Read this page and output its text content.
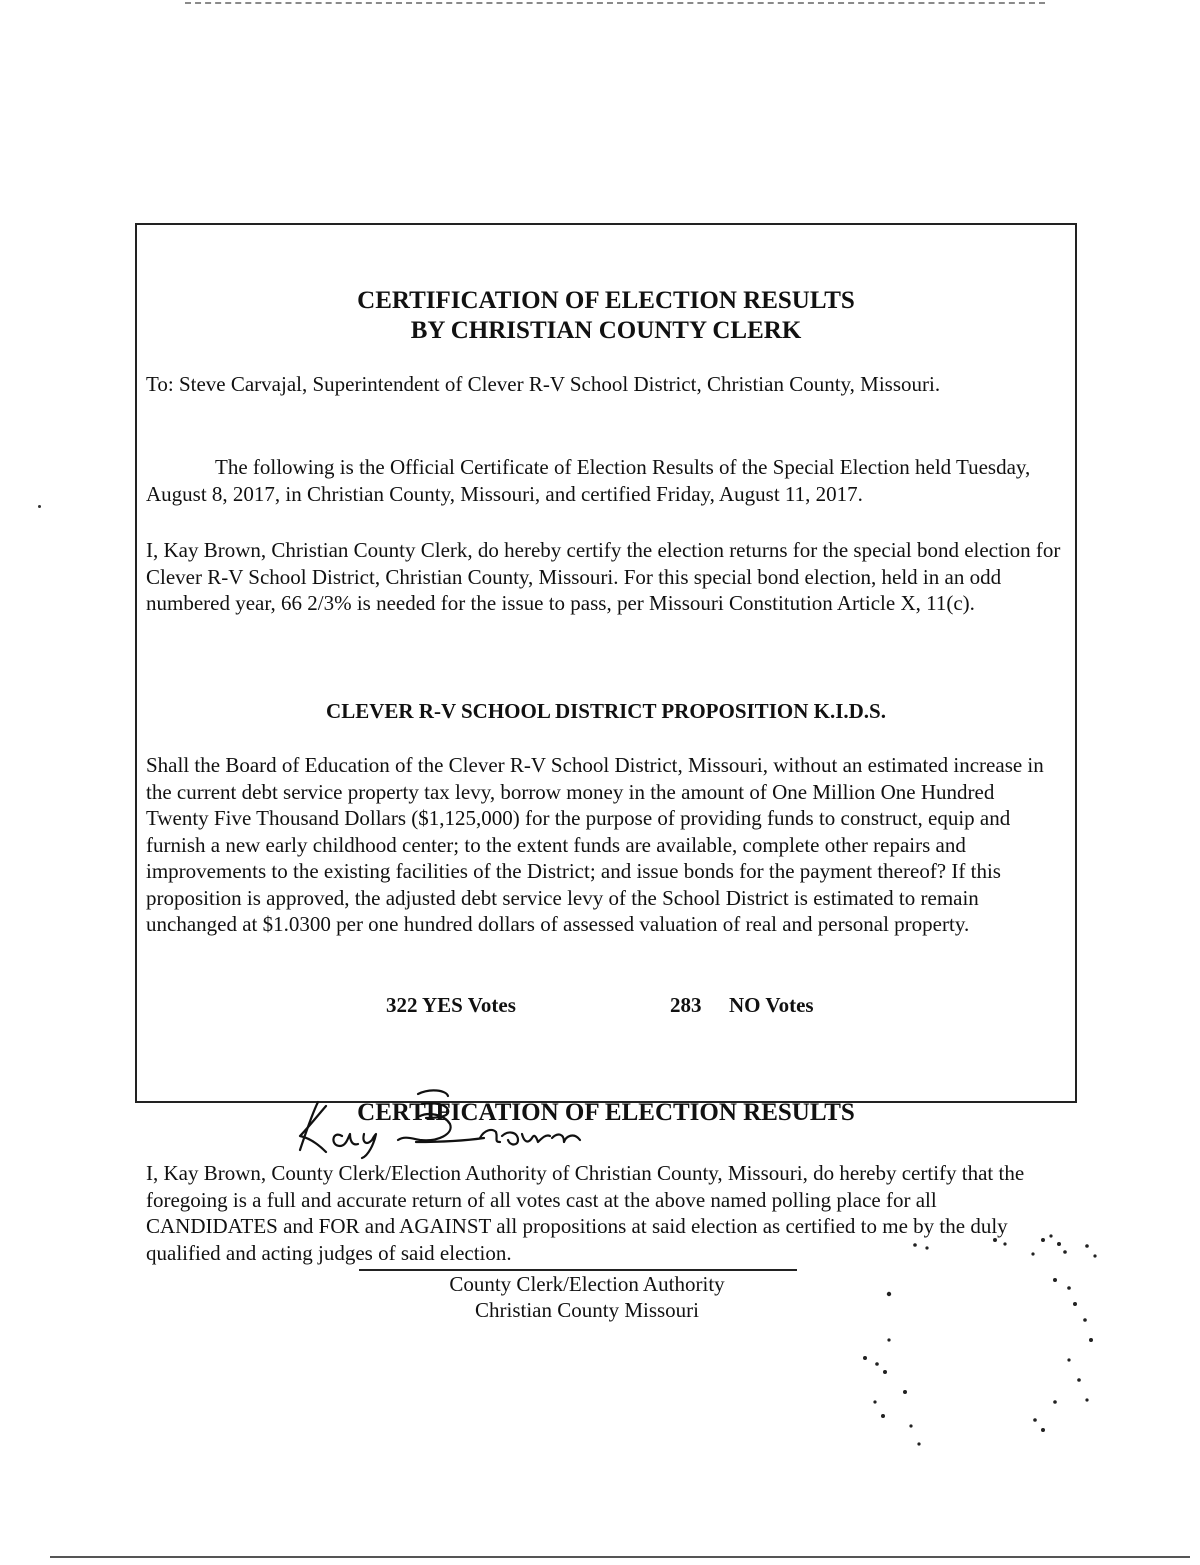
CERTIFICATION OF ELECTION RESULTS
BY CHRISTIAN COUNTY CLERK
To: Steve Carvajal, Superintendent of Clever R-V School District, Christian County, Missouri.
The following is the Official Certificate of Election Results of the Special Election held Tuesday, August 8, 2017, in Christian County, Missouri, and certified Friday, August 11, 2017.
I, Kay Brown, Christian County Clerk, do hereby certify the election returns for the special bond election for Clever R-V School District, Christian County, Missouri. For this special bond election, held in an odd numbered year, 66 2/3% is needed for the issue to pass, per Missouri Constitution Article X, 11(c).
CLEVER R-V SCHOOL DISTRICT PROPOSITION K.I.D.S.
Shall the Board of Education of the Clever R-V School District, Missouri, without an estimated increase in the current debt service property tax levy, borrow money in the amount of One Million One Hundred Twenty Five Thousand Dollars ($1,125,000) for the purpose of providing funds to construct, equip and furnish a new early childhood center; to the extent funds are available, complete other repairs and improvements to the existing facilities of the District; and issue bonds for the payment thereof? If this proposition is approved, the adjusted debt service levy of the School District is estimated to remain unchanged at $1.0300 per one hundred dollars of assessed valuation of real and personal property.
322 YES Votes	283 NO Votes
CERTIFICATION OF ELECTION RESULTS
I, Kay Brown, County Clerk/Election Authority of Christian County, Missouri, do hereby certify that the foregoing is a full and accurate return of all votes cast at the above named polling place for all CANDIDATES and FOR and AGAINST all propositions at said election as certified to me by the duly qualified and acting judges of said election.
County Clerk/Election Authority
Christian County Missouri
